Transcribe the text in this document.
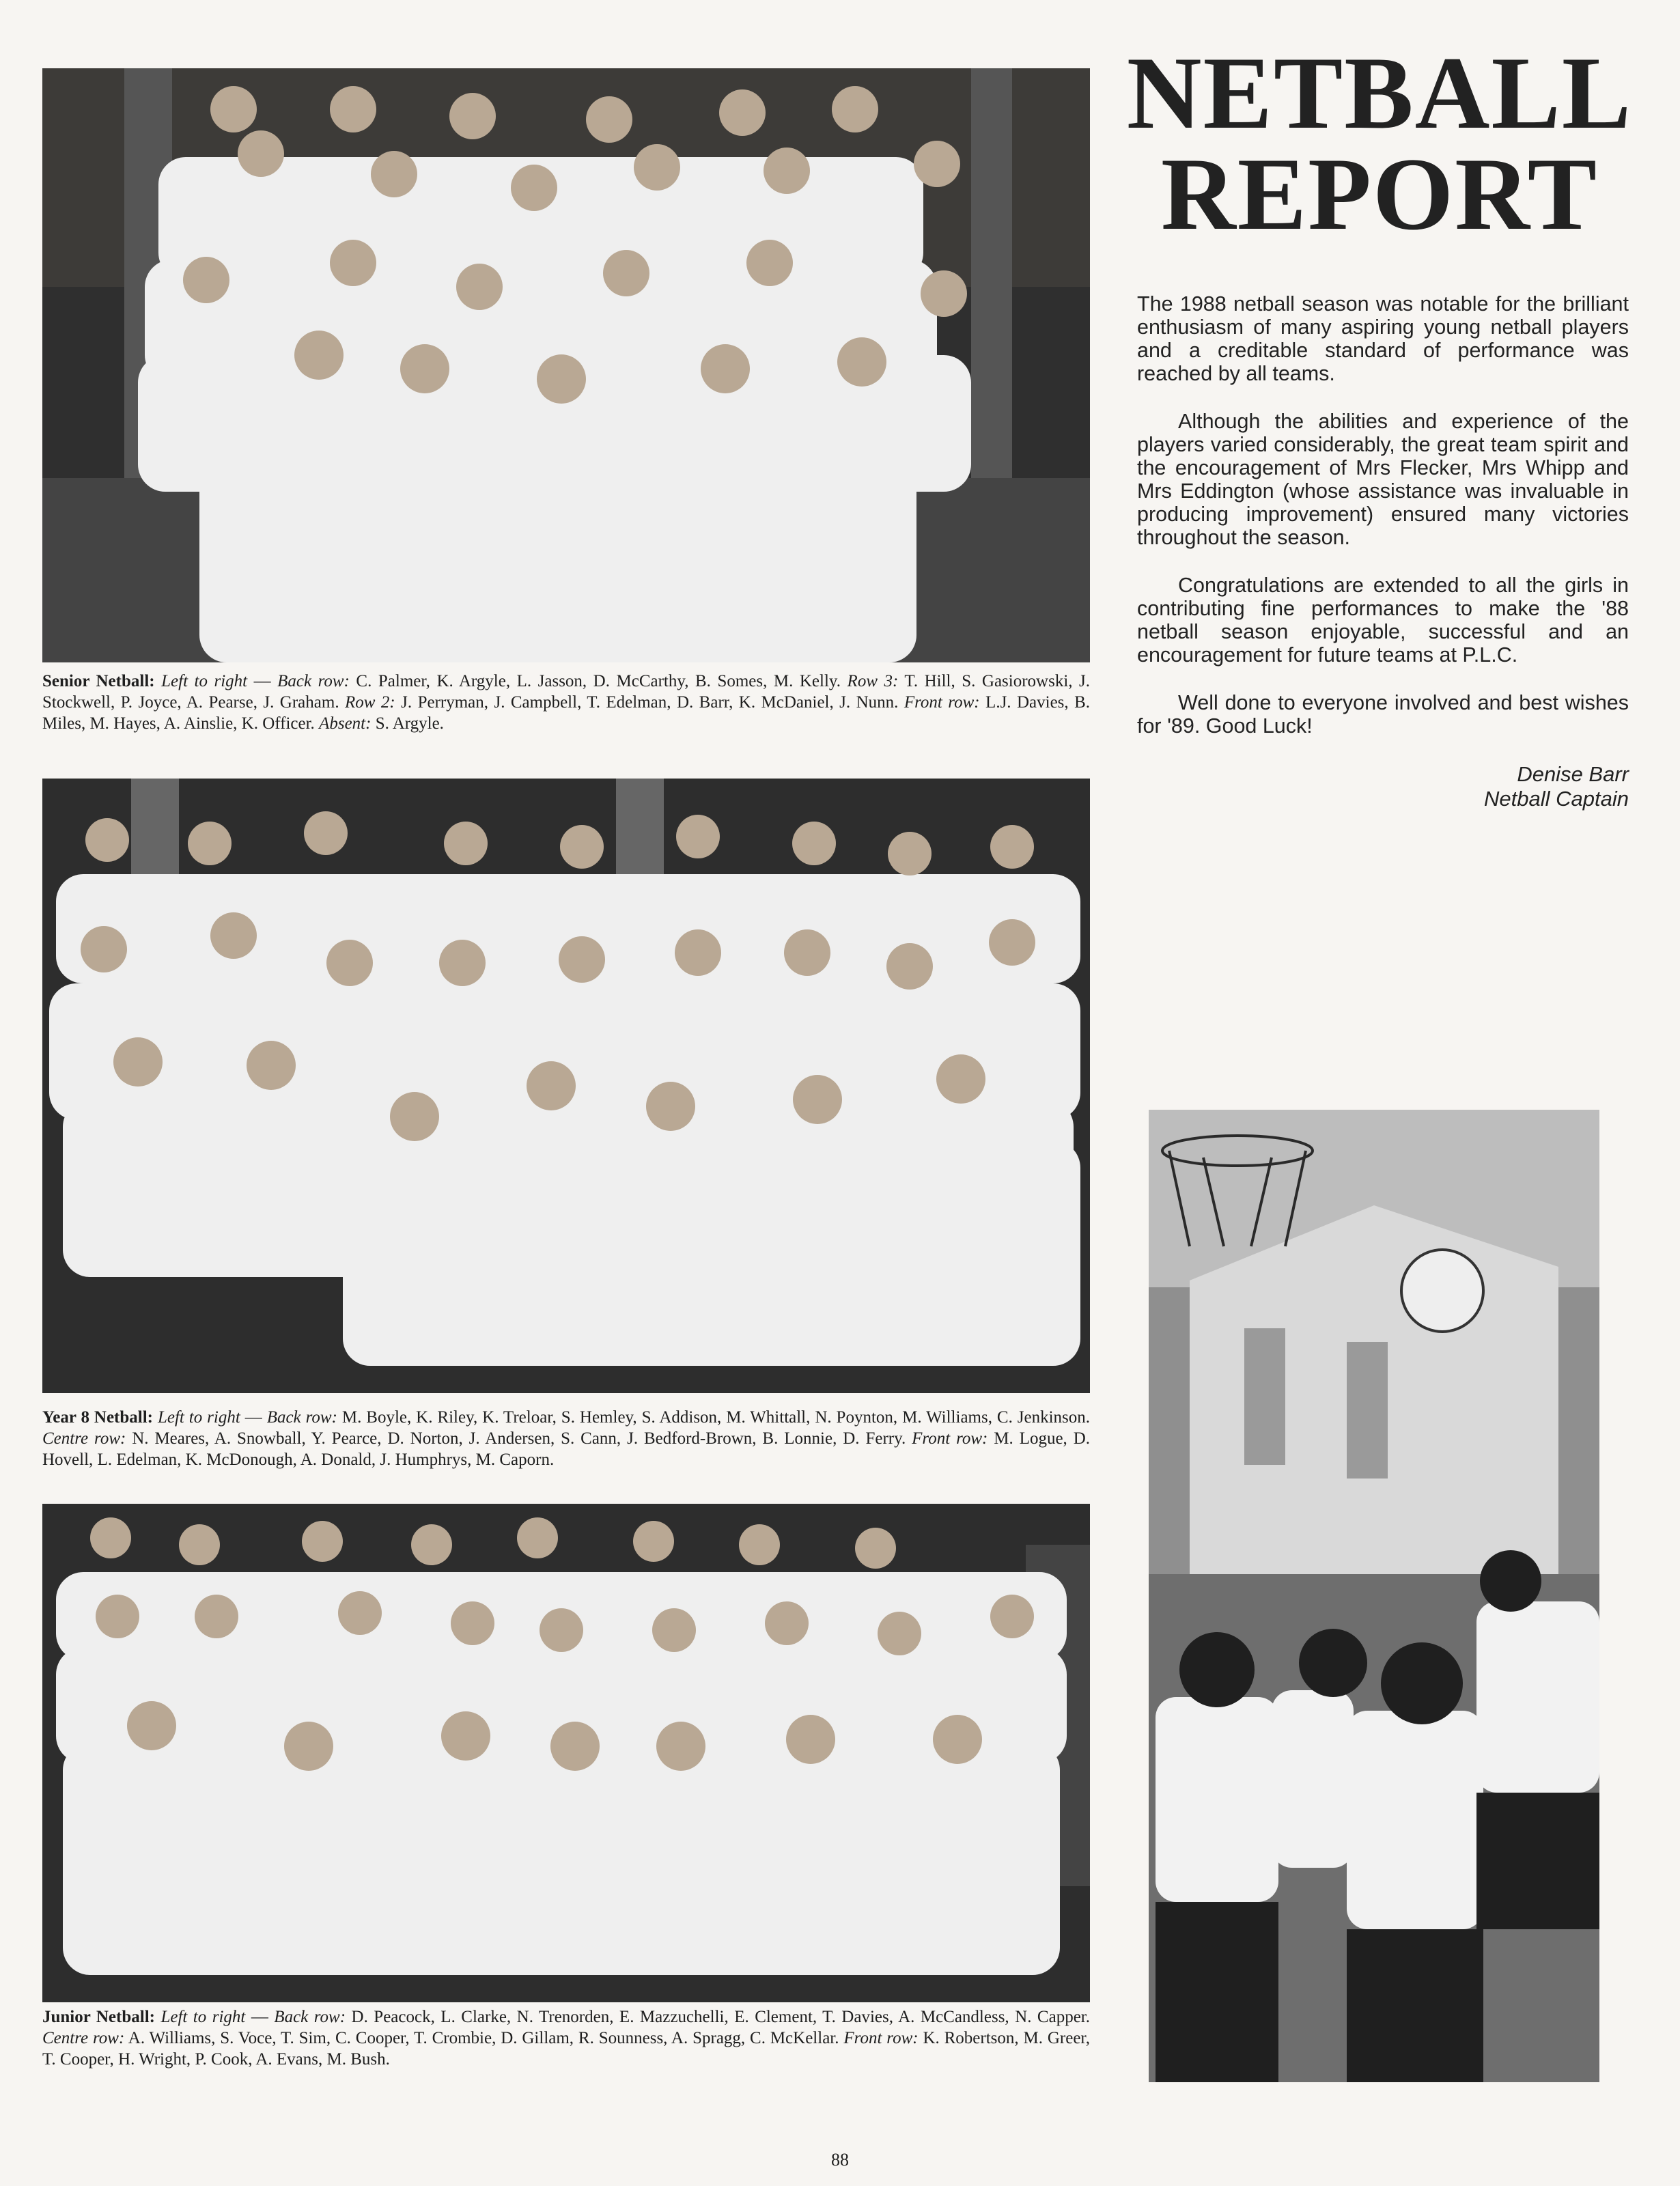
Senior Netball: Left to right — Back row: C. Palmer, K. Argyle, L. Jasson, D. McCarthy, B. Somes, M. Kelly. Row 3: T. Hill, S. Gasiorowski, J. Stockwell, P. Joyce, A. Pearse, J. Graham. Row 2: J. Perryman, J. Campbell, T. Edelman, D. Barr, K. McDaniel, J. Nunn. Front row: L.J. Davies, B. Miles, M. Hayes, A. Ainslie, K. Officer. Absent: S. Argyle.

Year 8 Netball: Left to right — Back row: M. Boyle, K. Riley, K. Treloar, S. Hemley, S. Addison, M. Whittall, N. Poynton, M. Williams, C. Jenkinson. Centre row: N. Meares, A. Snowball, Y. Pearce, D. Norton, J. Andersen, S. Cann, J. Bedford-Brown, B. Lonnie, D. Ferry. Front row: M. Logue, D. Hovell, L. Edelman, K. McDonough, A. Donald, J. Humphrys, M. Caporn.

Junior Netball: Left to right — Back row: D. Peacock, L. Clarke, N. Trenorden, E. Mazzuchelli, E. Clement, T. Davies, A. McCandless, N. Capper. Centre row: A. Williams, S. Voce, T. Sim, C. Cooper, T. Crombie, D. Gillam, R. Sounness, A. Spragg, C. McKellar. Front row: K. Robertson, M. Greer, T. Cooper, H. Wright, P. Cook, A. Evans, M. Bush.

NETBALL
REPORT

The 1988 netball season was notable for the brilliant enthusiasm of many aspiring young netball players and a creditable standard of performance was reached by all teams.

Although the abilities and experience of the players varied considerably, the great team spirit and the encouragement of Mrs Flecker, Mrs Whipp and Mrs Eddington (whose assistance was invaluable in producing improvement) ensured many victories throughout the season.

Congratulations are extended to all the girls in contributing fine performances to make the '88 netball season enjoyable, successful and an encouragement for future teams at P.L.C.

Well done to everyone involved and best wishes for '89. Good Luck!

Denise Barr
Netball Captain
88
